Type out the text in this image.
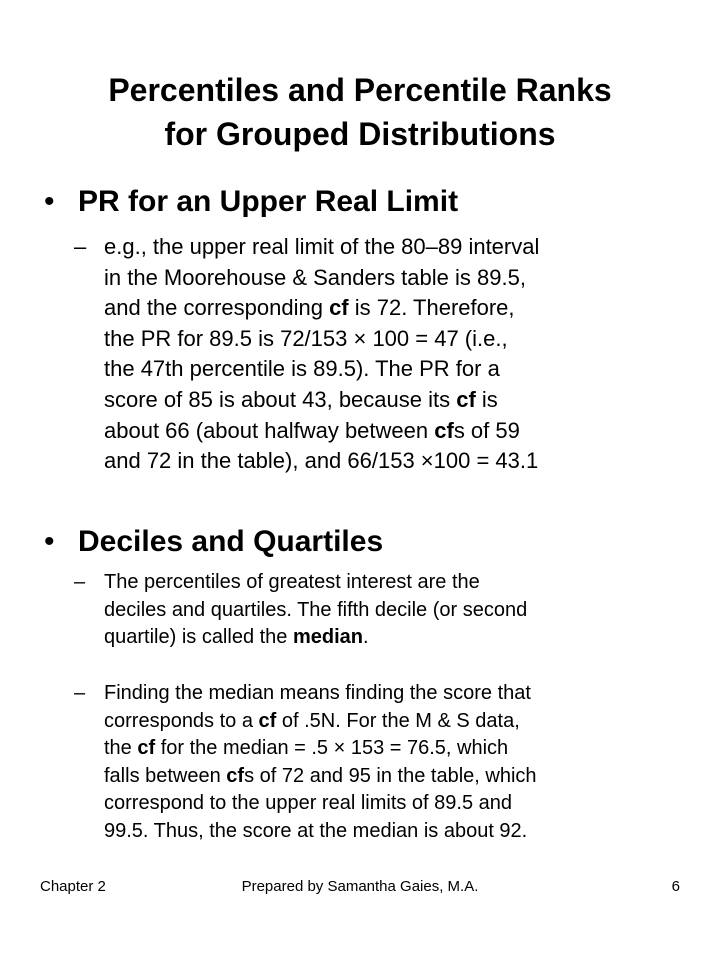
Percentiles and Percentile Ranks
for Grouped Distributions
• PR for an Upper Real Limit
– e.g., the upper real limit of the 80–89 interval
in the Moorehouse & Sanders table is 89.5,
and the corresponding cf is 72. Therefore,
the PR for 89.5 is 72/153 × 100 = 47 (i.e.,
the 47th percentile is 89.5). The PR for a
score of 85 is about 43, because its cf is
about 66 (about halfway between cfs of 59
and 72 in the table), and 66/153 ×100 = 43.1
• Deciles and Quartiles
– The percentiles of greatest interest are the
deciles and quartiles. The fifth decile (or second
quartile) is called the median.
– Finding the median means finding the score that
corresponds to a cf of .5N. For the M & S data,
the cf for the median = .5 × 153 = 76.5, which
falls between cfs of 72 and 95 in the table, which
correspond to the upper real limits of 89.5 and
99.5. Thus, the score at the median is about 92.
Chapter 2	Prepared by Samantha Gaies, M.A.	6
